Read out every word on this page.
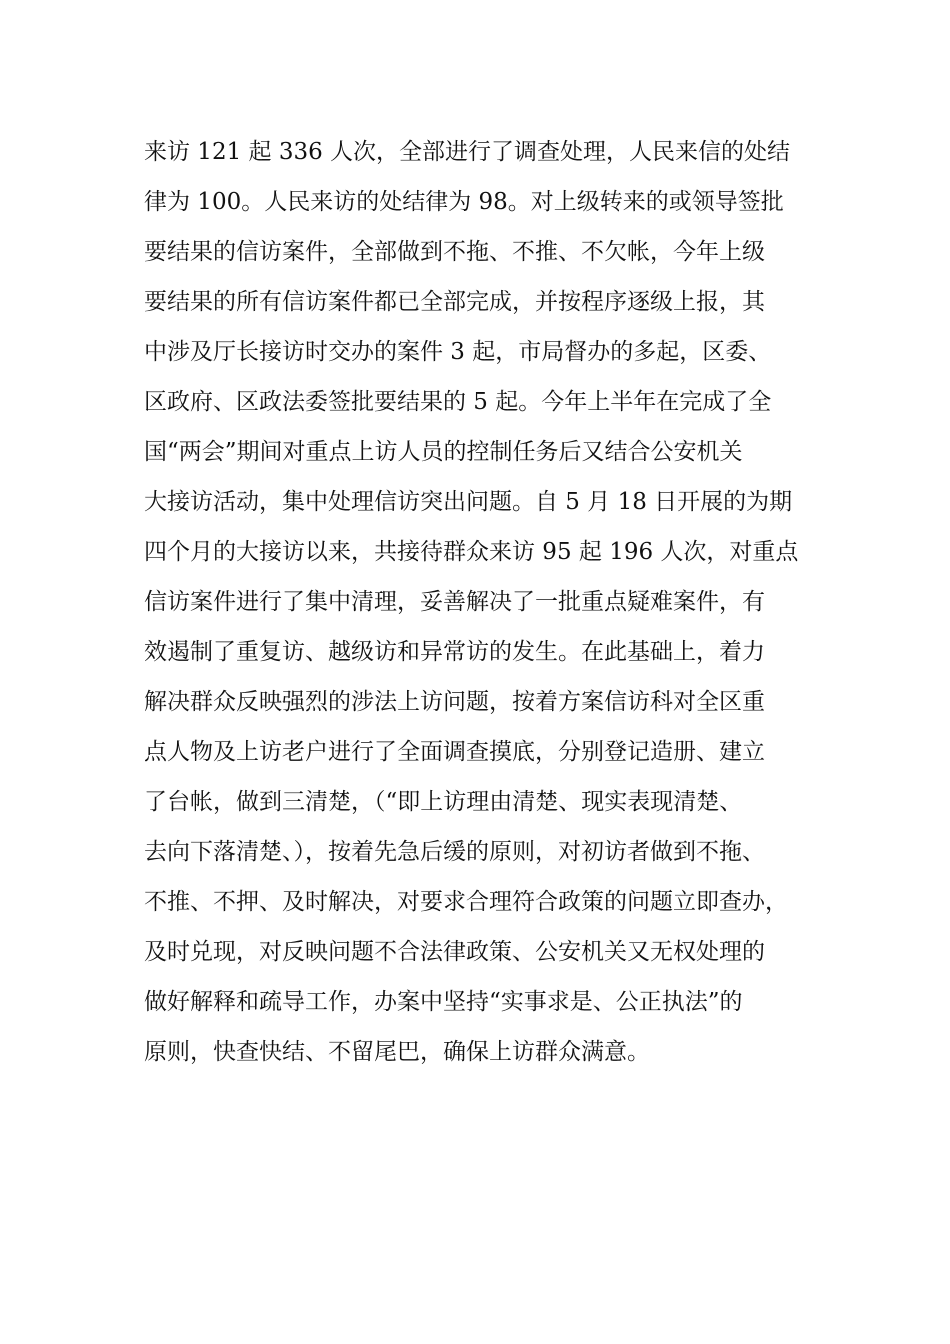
来访 121 起 336 人次，全部进行了调查处理，人民来信的处结
律为 100。人民来访的处结律为 98。对上级转来的或领导签批
要结果的信访案件，全部做到不拖、不推、不欠帐，今年上级
要结果的所有信访案件都已全部完成，并按程序逐级上报，其
中涉及厅长接访时交办的案件 3 起，市局督办的多起，区委、
区政府、区政法委签批要结果的 5 起。今年上半年在完成了全
国“两会”期间对重点上访人员的控制任务后又结合公安机关
大接访活动，集中处理信访突出问题。自 5 月 18 日开展的为期
四个月的大接访以来，共接待群众来访 95 起 196 人次，对重点
信访案件进行了集中清理，妥善解决了一批重点疑难案件，有
效遏制了重复访、越级访和异常访的发生。在此基础上，着力
解决群众反映强烈的涉法上访问题，按着方案信访科对全区重
点人物及上访老户进行了全面调查摸底，分别登记造册、建立
了台帐，做到三清楚，（“即上访理由清楚、现实表现清楚、
去向下落清楚、），按着先急后缓的原则，对初访者做到不拖、
不推、不押、及时解决，对要求合理符合政策的问题立即查办，
及时兑现，对反映问题不合法律政策、公安机关又无权处理的
做好解释和疏导工作，办案中坚持“实事求是、公正执法”的
原则，快查快结、不留尾巴，确保上访群众满意。
